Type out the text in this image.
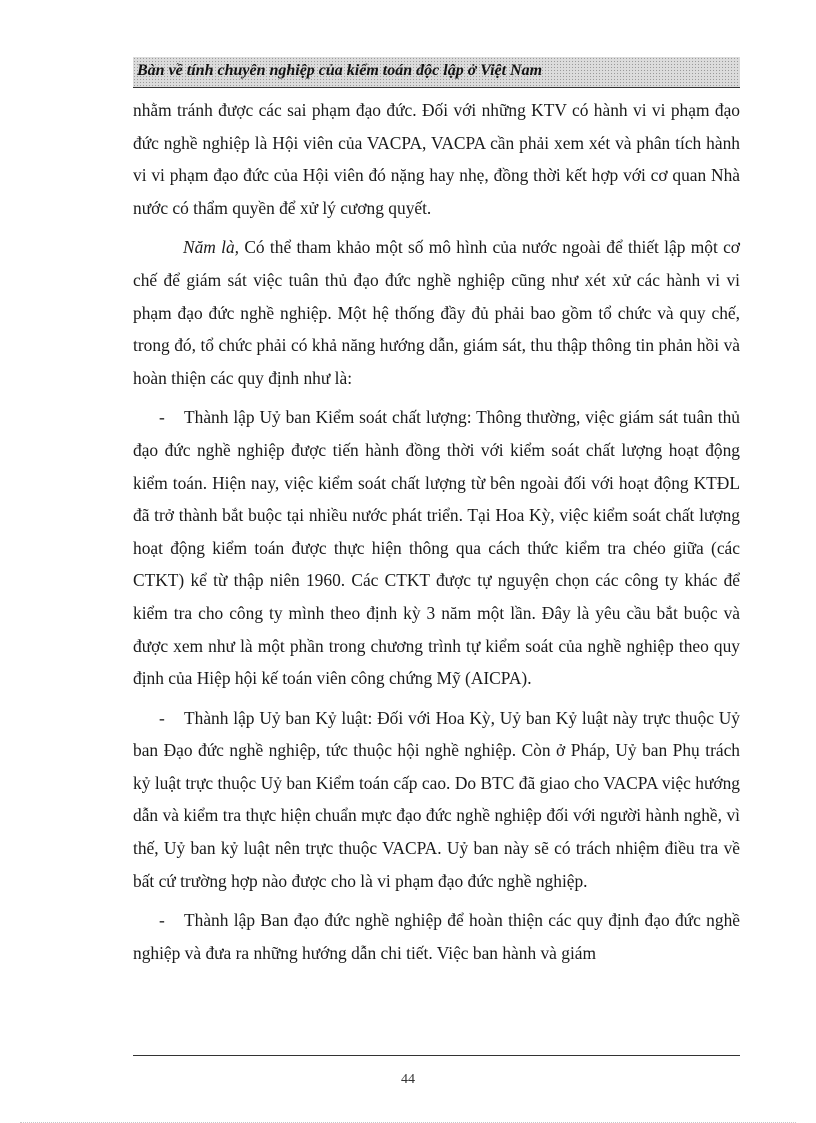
Bàn về tính chuyên nghiệp của kiểm toán độc lập ở Việt Nam

nhằm tránh được các sai phạm đạo đức. Đối với những KTV có hành vi vi phạm đạo đức nghề nghiệp là Hội viên của VACPA, VACPA cần phải xem xét và phân tích hành vi vi phạm đạo đức của Hội viên đó nặng hay nhẹ, đồng thời kết hợp với cơ quan Nhà nước có thẩm quyền để xử lý cương quyết.

Năm là, Có thể tham khảo một số mô hình của nước ngoài để thiết lập một cơ chế để giám sát việc tuân thủ đạo đức nghề nghiệp cũng như xét xử các hành vi vi phạm đạo đức nghề nghiệp. Một hệ thống đầy đủ phải bao gồm tổ chức và quy chế, trong đó, tổ chức phải có khả năng hướng dẫn, giám sát, thu thập thông tin phản hồi và hoàn thiện các quy định như là:

- Thành lập Uỷ ban Kiểm soát chất lượng: Thông thường, việc giám sát tuân thủ đạo đức nghề nghiệp được tiến hành đồng thời với kiểm soát chất lượng hoạt động kiểm toán. Hiện nay, việc kiểm soát chất lượng từ bên ngoài đối với hoạt động KTĐL đã trở thành bắt buộc tại nhiều nước phát triển. Tại Hoa Kỳ, việc kiểm soát chất lượng hoạt động kiểm toán được thực hiện thông qua cách thức kiểm tra chéo giữa (các CTKT) kể từ thập niên 1960. Các CTKT được tự nguyện chọn các công ty khác để kiểm tra cho công ty mình theo định kỳ 3 năm một lần. Đây là yêu cầu bắt buộc và được xem như là một phần trong chương trình tự kiểm soát của nghề nghiệp theo quy định của Hiệp hội kế toán viên công chứng Mỹ (AICPA).

- Thành lập Uỷ ban Kỷ luật: Đối với Hoa Kỳ, Uỷ ban Kỷ luật này trực thuộc Uỷ ban Đạo đức nghề nghiệp, tức thuộc hội nghề nghiệp. Còn ở Pháp, Uỷ ban Phụ trách kỷ luật trực thuộc Uỷ ban Kiểm toán cấp cao. Do BTC đã giao cho VACPA việc hướng dẫn và kiểm tra thực hiện chuẩn mực đạo đức nghề nghiệp đối với người hành nghề, vì thế, Uỷ ban kỷ luật nên trực thuộc VACPA. Uỷ ban này sẽ có trách nhiệm điều tra về bất cứ trường hợp nào được cho là vi phạm đạo đức nghề nghiệp.

- Thành lập Ban đạo đức nghề nghiệp để hoàn thiện các quy định đạo đức nghề nghiệp và đưa ra những hướng dẫn chi tiết. Việc ban hành và giám

44
